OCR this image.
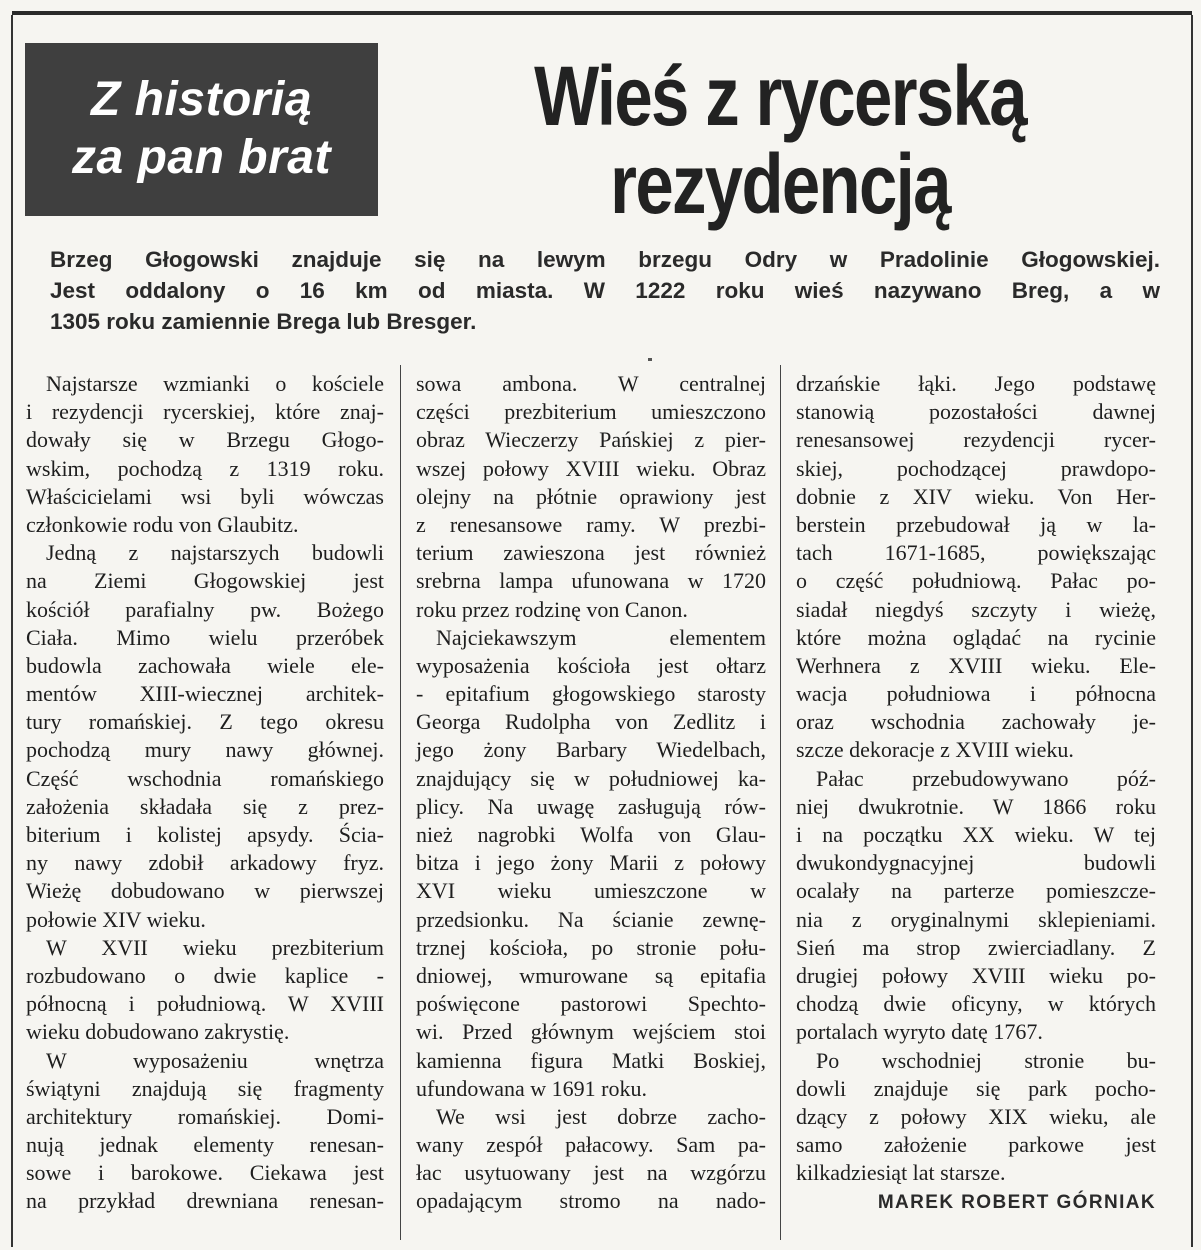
Z historią
za pan brat
Wieś z rycerską
rezydencją
Brzeg Głogowski znajduje się na lewym brzegu Odry w Pradolinie Głogowskiej.
Jest oddalony o 16 km od miasta. W 1222 roku wieś nazywano Breg, a w
1305 roku zamiennie Brega lub Bresger.
Najstarsze wzmianki o kościele
i rezydencji rycerskiej, które znaj-
dowały się w Brzegu Głogo-
wskim, pochodzą z 1319 roku.
Właścicielami wsi byli wówczas
członkowie rodu von Glaubitz.
Jedną z najstarszych budowli
na Ziemi Głogowskiej jest
kościół parafialny pw. Bożego
Ciała. Mimo wielu przeróbek
budowla zachowała wiele ele-
mentów XIII-wiecznej architek-
tury romańskiej. Z tego okresu
pochodzą mury nawy głównej.
Część wschodnia romańskiego
założenia składała się z prez-
biterium i kolistej apsydy. Ścia-
ny nawy zdobił arkadowy fryz.
Wieżę dobudowano w pierwszej
połowie XIV wieku.
W XVII wieku prezbiterium
rozbudowano o dwie kaplice -
północną i południową. W XVIII
wieku dobudowano zakrystię.
W wyposażeniu wnętrza
świątyni znajdują się fragmenty
architektury romańskiej. Domi-
nują jednak elementy renesan-
sowe i barokowe. Ciekawa jest
na przykład drewniana renesan-
sowa ambona. W centralnej
części prezbiterium umieszczono
obraz Wieczerzy Pańskiej z pier-
wszej połowy XVIII wieku. Obraz
olejny na płótnie oprawiony jest
z renesansowe ramy. W prezbi-
terium zawieszona jest również
srebrna lampa ufunowana w 1720
roku przez rodzinę von Canon.
Najciekawszym elementem
wyposażenia kościoła jest ołtarz
- epitafium głogowskiego starosty
Georga Rudolpha von Zedlitz i
jego żony Barbary Wiedelbach,
znajdujący się w południowej ka-
plicy. Na uwagę zasługują rów-
nież nagrobki Wolfa von Glau-
bitza i jego żony Marii z połowy
XVI wieku umieszczone w
przedsionku. Na ścianie zewnę-
trznej kościoła, po stronie połu-
dniowej, wmurowane są epitafia
poświęcone pastorowi Spechto-
wi. Przed głównym wejściem stoi
kamienna figura Matki Boskiej,
ufundowana w 1691 roku.
We wsi jest dobrze zacho-
wany zespół pałacowy. Sam pa-
łac usytuowany jest na wzgórzu
opadającym stromo na nado-
drzańskie łąki. Jego podstawę
stanowią pozostałości dawnej
renesansowej rezydencji rycer-
skiej, pochodzącej prawdopo-
dobnie z XIV wieku. Von Her-
berstein przebudował ją w la-
tach 1671-1685, powiększając
o część południową. Pałac po-
siadał niegdyś szczyty i wieżę,
które można oglądać na rycinie
Werhnera z XVIII wieku. Ele-
wacja południowa i północna
oraz wschodnia zachowały je-
szcze dekoracje z XVIII wieku.
Pałac przebudowywano póź-
niej dwukrotnie. W 1866 roku
i na początku XX wieku. W tej
dwukondygnacyjnej budowli
ocalały na parterze pomieszcze-
nia z oryginalnymi sklepieniami.
Sień ma strop zwierciadlany. Z
drugiej połowy XVIII wieku po-
chodzą dwie oficyny, w których
portalach wyryto datę 1767.
Po wschodniej stronie bu-
dowli znajduje się park pocho-
dzący z połowy XIX wieku, ale
samo założenie parkowe jest
kilkadziesiąt lat starsze.
MAREK ROBERT GÓRNIAK
